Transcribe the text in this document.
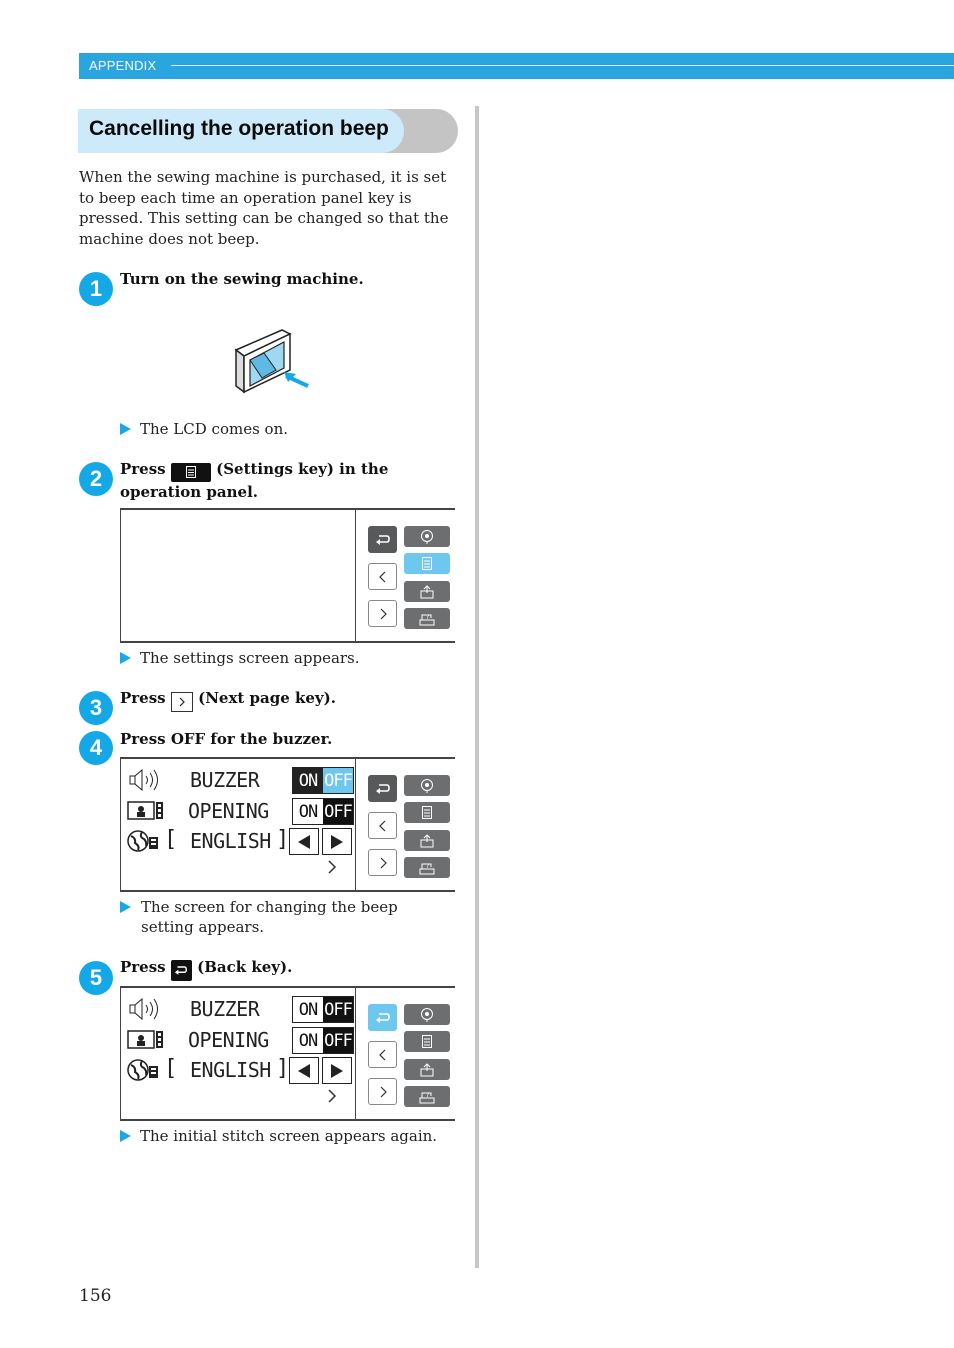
APPENDIX
Cancelling the operation beep
When the sewing machine is purchased, it is set to beep each time an operation panel key is pressed. This setting can be changed so that the machine does not beep.
1	Turn on the sewing machine.
The LCD comes on.
2	Press	(Settings key) in the operation panel.
?
The settings screen appears.
3	Press (Next page key).
4	Press OFF for the buzzer.
BUZZER	ON OFF
OPENING	ON OFF
[ ENGLISH ]
?
The screen for changing the beep setting appears.
5	Press (Back key).
BUZZER	ON OFF
OPENING	ON OFF
[ ENGLISH ]
?
The initial stitch screen appears again.
156
